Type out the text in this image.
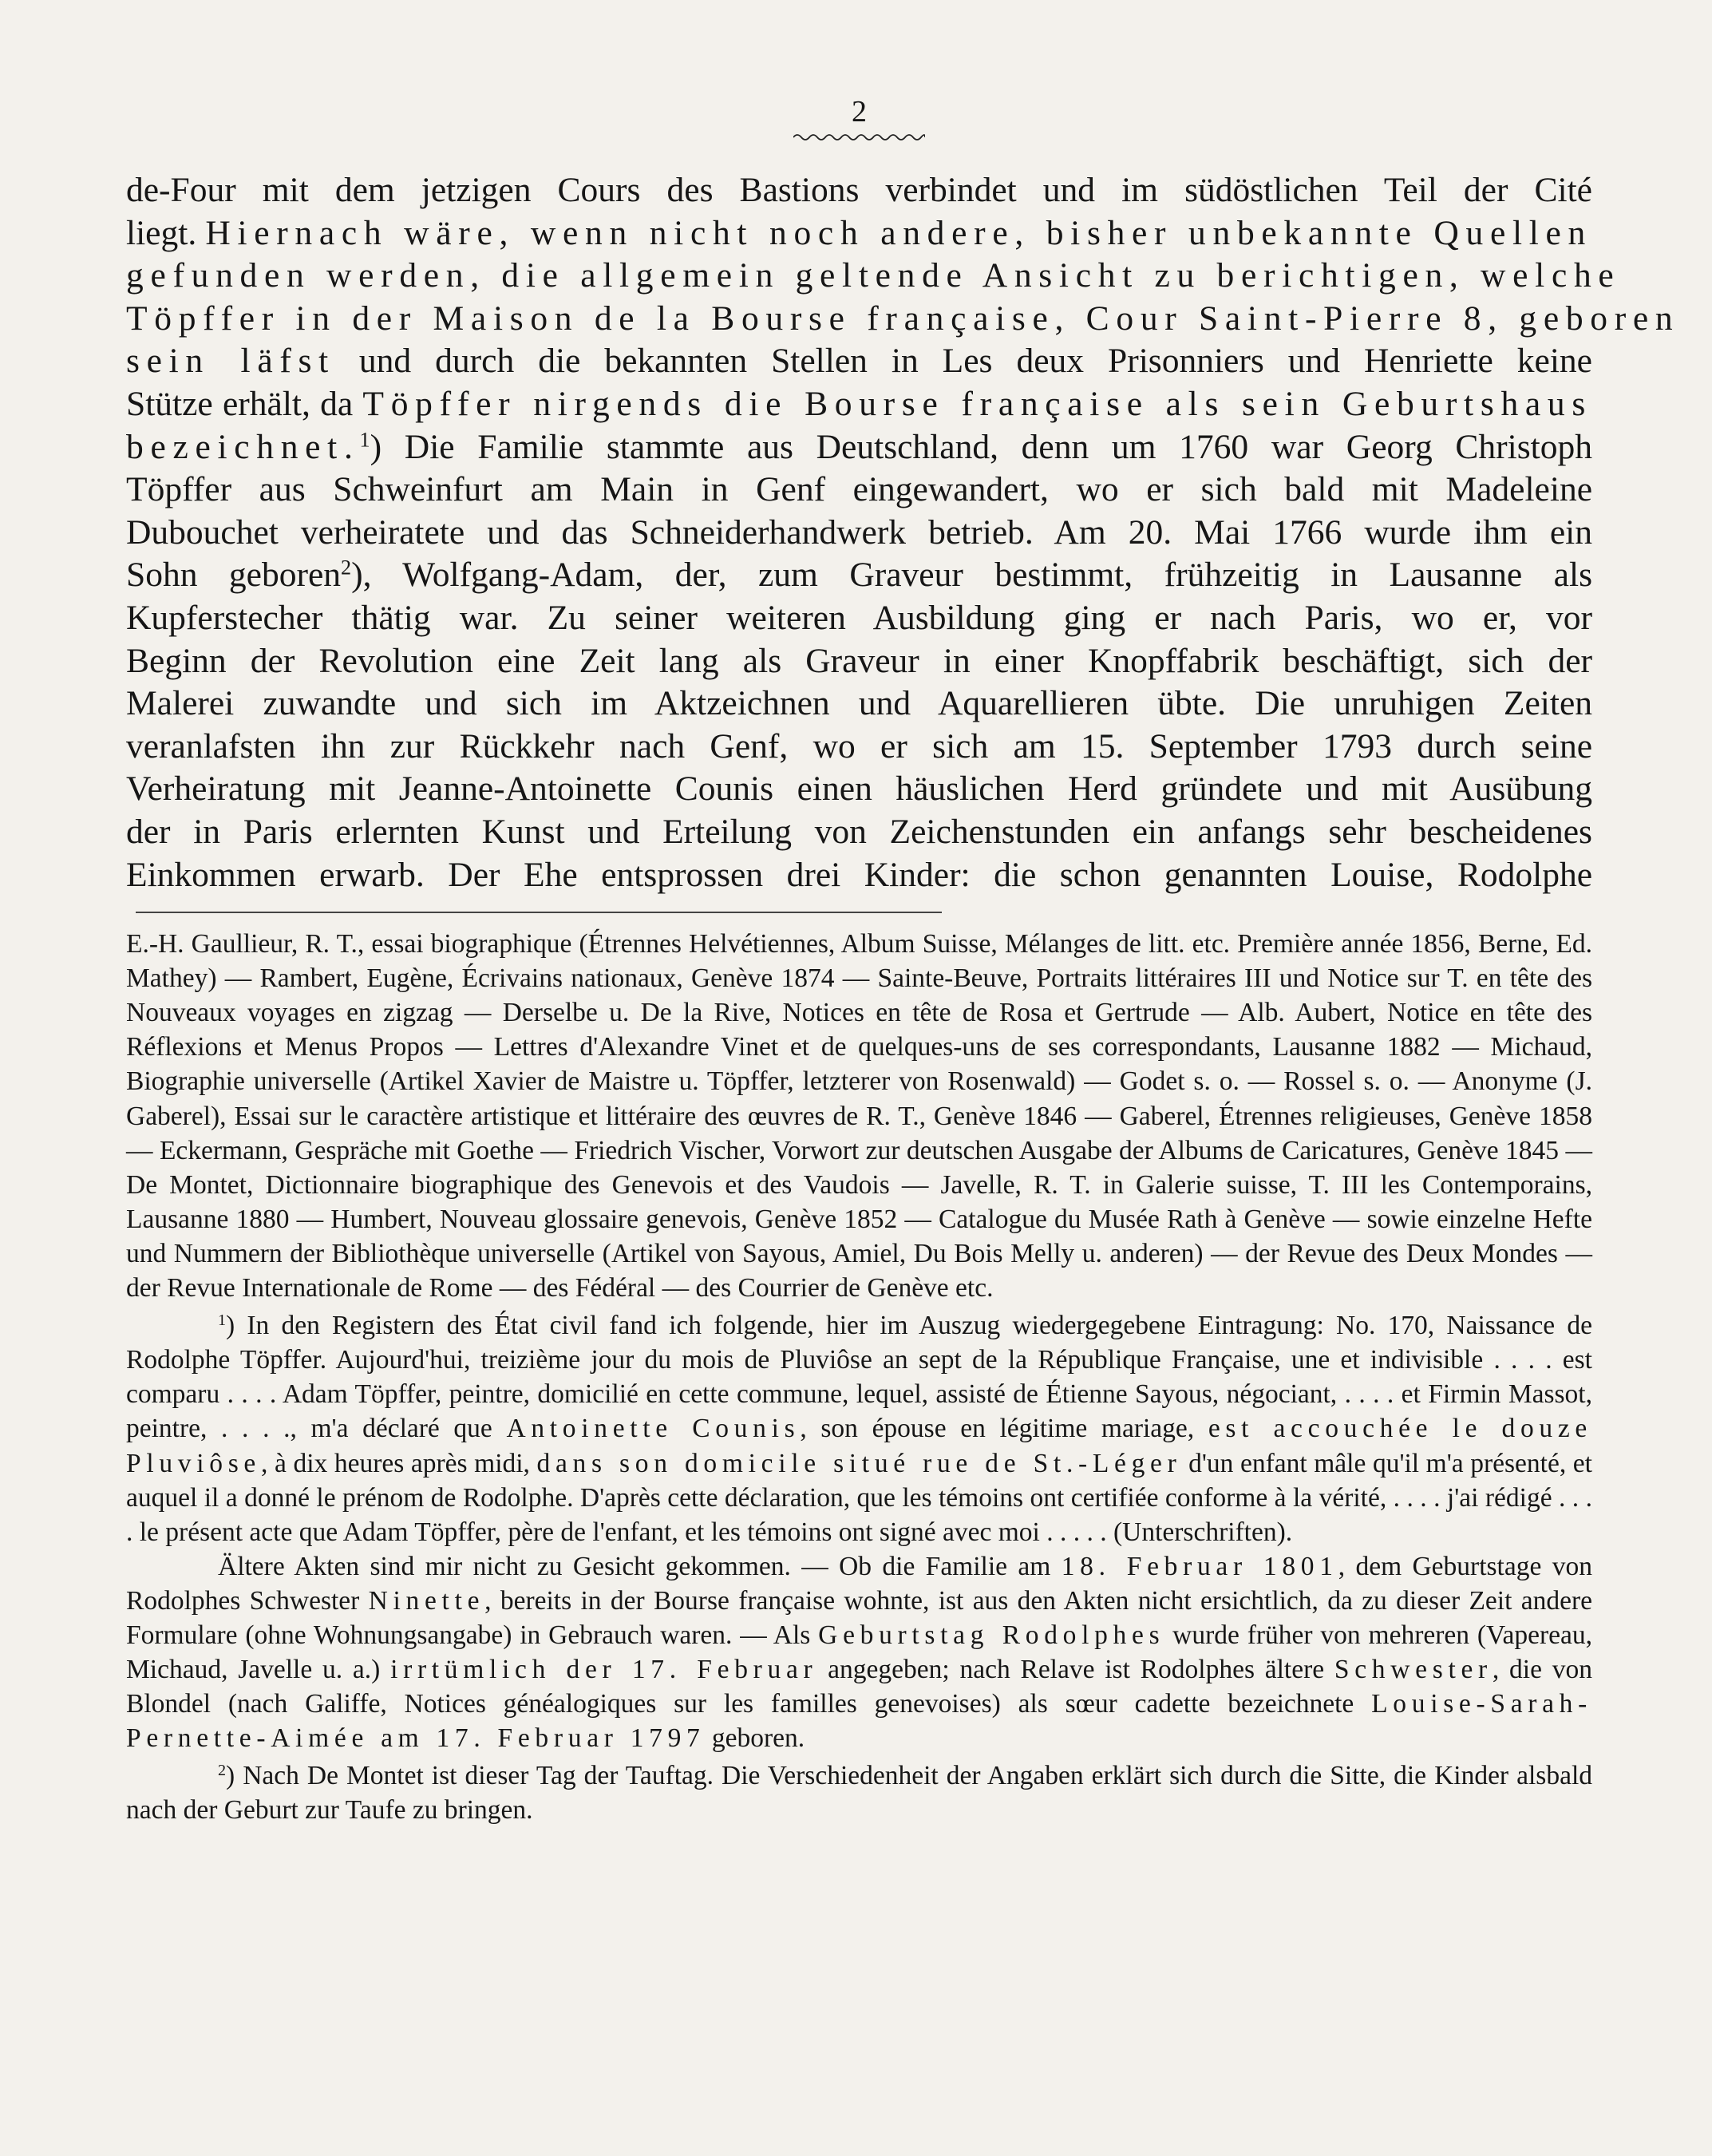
2

de-Four mit dem jetzigen Cours des Bastions verbindet und im südöstlichen Teil der Cité
liegt. Hiernach wäre, wenn nicht noch andere, bisher unbekannte Quellen
gefunden werden, die allgemein geltende Ansicht zu berichtigen, welche
Töpffer in der Maison de la Bourse française, Cour Saint-Pierre 8, geboren
sein läfst und durch die bekannten Stellen in Les deux Prisonniers und Henriette keine
Stütze erhält, da Töpffer nirgends die Bourse française als sein Geburtshaus
bezeichnet.$^1$) Die Familie stammte aus Deutschland, denn um 1760 war Georg Christoph
Töpffer aus Schweinfurt am Main in Genf eingewandert, wo er sich bald mit Madeleine
Dubouchet verheiratete und das Schneiderhandwerk betrieb. Am 20. Mai 1766 wurde ihm ein
Sohn geboren$^2$), Wolfgang-Adam, der, zum Graveur bestimmt, frühzeitig in Lausanne als
Kupferstecher thätig war. Zu seiner weiteren Ausbildung ging er nach Paris, wo er, vor
Beginn der Revolution eine Zeit lang als Graveur in einer Knopffabrik beschäftigt, sich der
Malerei zuwandte und sich im Aktzeichnen und Aquarellieren übte. Die unruhigen Zeiten
veranlafsten ihn zur Rückkehr nach Genf, wo er sich am 15. September 1793 durch seine
Verheiratung mit Jeanne-Antoinette Counis einen häuslichen Herd gründete und mit Ausübung
der in Paris erlernten Kunst und Erteilung von Zeichenstunden ein anfangs sehr bescheidenes
Einkommen erwarb. Der Ehe entsprossen drei Kinder: die schon genannten Louise, Rodolphe

E.-H. Gaullieur, R. T., essai biographique (Étrennes Helvétiennes, Album Suisse, Mélanges de litt. etc. Première année 1856, Berne, Ed. Mathey) — Rambert, Eugène, Écrivains nationaux, Genève 1874 — Sainte-Beuve, Portraits littéraires III und Notice sur T. en tête des Nouveaux voyages en zigzag — Derselbe u. De la Rive, Notices en tête de Rosa et Gertrude — Alb. Aubert, Notice en tête des Réflexions et Menus Propos — Lettres d'Alexandre Vinet et de quelques-uns de ses correspondants, Lausanne 1882 — Michaud, Biographie universelle (Artikel Xavier de Maistre u. Töpffer, letzterer von Rosenwald) — Godet s. o. — Rossel s. o. — Anonyme (J. Gaberel), Essai sur le caractère artistique et littéraire des œuvres de R. T., Genève 1846 — Gaberel, Étrennes religieuses, Genève 1858 — Eckermann, Gespräche mit Goethe — Friedrich Vischer, Vorwort zur deutschen Ausgabe der Albums de Caricatures, Genève 1845 — De Montet, Dictionnaire biographique des Genevois et des Vaudois — Javelle, R. T. in Galerie suisse, T. III les Contemporains, Lausanne 1880 — Humbert, Nouveau glossaire genevois, Genève 1852 — Catalogue du Musée Rath à Genève — sowie einzelne Hefte und Nummern der Bibliothèque universelle (Artikel von Sayous, Amiel, Du Bois Melly u. anderen) — der Revue des Deux Mondes — der Revue Internationale de Rome — des Fédéral — des Courrier de Genève etc.

$^1$) In den Registern des État civil fand ich folgende, hier im Auszug wiedergegebene Eintragung: No. 170, Naissance de Rodolphe Töpffer. Aujourd'hui, treizième jour du mois de Pluviôse an sept de la République Française, une et indivisible . . . . est comparu . . . . Adam Töpffer, peintre, domicilié en cette commune, lequel, assisté de Étienne Sayous, négociant, . . . . et Firmin Massot, peintre, . . . ., m'a déclaré que Antoinette Counis, son épouse en légitime mariage, est accouchée le douze Pluviôse, à dix heures après midi, dans son domicile situé rue de St.-Léger d'un enfant mâle qu'il m'a présenté, et auquel il a donné le prénom de Rodolphe. D'après cette déclaration, que les témoins ont certifiée conforme à la vérité, . . . . j'ai rédigé . . . . le présent acte que Adam Töpffer, père de l'enfant, et les témoins ont signé avec moi . . . . . (Unterschriften).

Ältere Akten sind mir nicht zu Gesicht gekommen. — Ob die Familie am 18. Februar 1801, dem Geburtstage von Rodolphes Schwester Ninette, bereits in der Bourse française wohnte, ist aus den Akten nicht ersichtlich, da zu dieser Zeit andere Formulare (ohne Wohnungsangabe) in Gebrauch waren. — Als Geburtstag Rodolphes wurde früher von mehreren (Vapereau, Michaud, Javelle u. a.) irrtümlich der 17. Februar angegeben; nach Relave ist Rodolphes ältere Schwester, die von Blondel (nach Galiffe, Notices généalogiques sur les familles genevoises) als sœur cadette bezeichnete Louise-Sarah-Pernette-Aimée am 17. Februar 1797 geboren.

$^2$) Nach De Montet ist dieser Tag der Tauftag. Die Verschiedenheit der Angaben erklärt sich durch die Sitte, die Kinder alsbald nach der Geburt zur Taufe zu bringen.
